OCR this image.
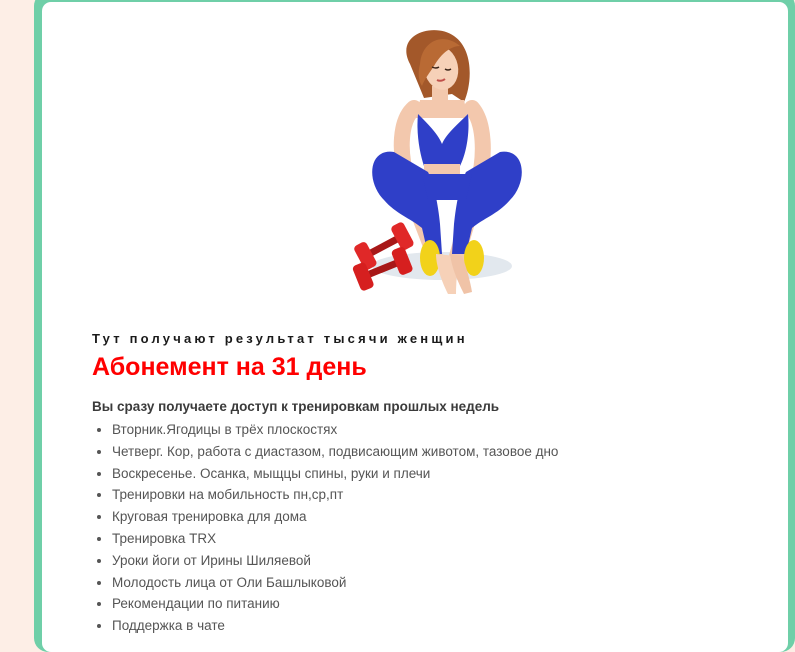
Тут получают результат тысячи женщин

Абонемент на 31 день

Вы сразу получаете доступ к тренировкам прошлых недель

• Вторник.Ягодицы в трёх плоскостях
• Четверг. Кор, работа с диастазом, подвисающим животом, тазовое дно
• Воскресенье. Осанка, мыщцы спины, руки и плечи
• Тренировки на мобильность пн,ср,пт
• Круговая тренировка для дома
• Тренировка TRX
• Уроки йоги от Ирины Шиляевой
• Молодость лица от Оли Башлыковой
• Рекомендации по питанию
• Поддержка в чате
